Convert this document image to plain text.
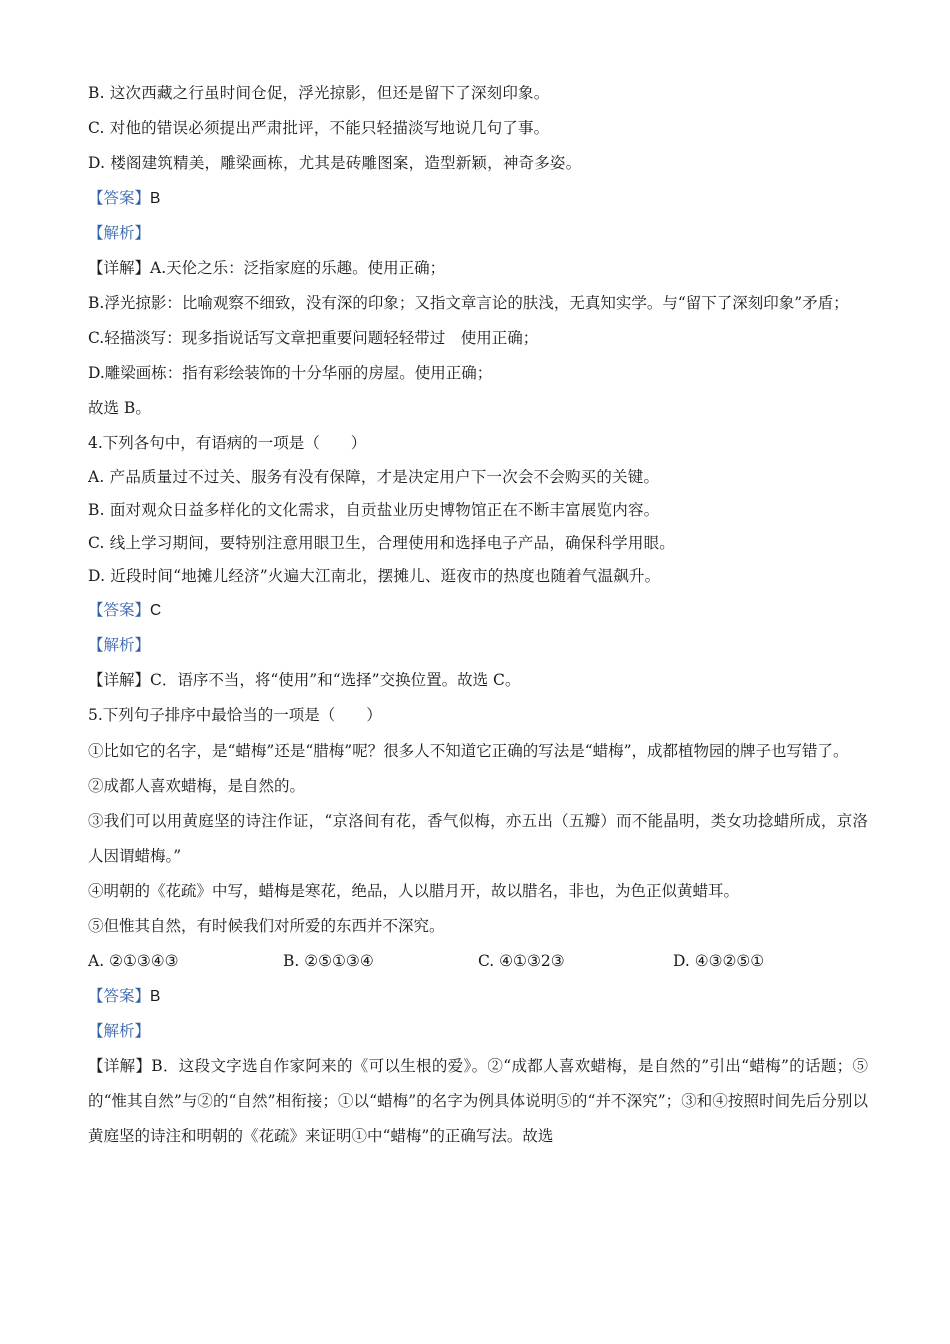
B. 这次西藏之行虽时间仓促，浮光掠影，但还是留下了深刻印象。
C. 对他的错误必须提出严肃批评，不能只轻描淡写地说几句了事。
D. 楼阁建筑精美，雕梁画栋，尤其是砖雕图案，造型新颖，神奇多姿。
【答案】B
【解析】
【详解】A.天伦之乐：泛指家庭的乐趣。使用正确；
B.浮光掠影：比喻观察不细致，没有深的印象；又指文章言论的肤浅，无真知实学。与“留下了深刻印象”矛盾；
C.轻描淡写：现多指说话写文章把重要问题轻轻带过　使用正确；
D.雕梁画栋：指有彩绘装饰的十分华丽的房屋。使用正确；
故选 B。
4.下列各句中，有语病的一项是（　　）
A. 产品质量过不过关、服务有没有保障，才是决定用户下一次会不会购买的关键。
B. 面对观众日益多样化的文化需求，自贡盐业历史博物馆正在不断丰富展览内容。
C. 线上学习期间，要特别注意用眼卫生，合理使用和选择电子产品，确保科学用眼。
D. 近段时间“地摊儿经济”火遍大江南北，摆摊儿、逛夜市的热度也随着气温飙升。
【答案】C
【解析】
【详解】C．语序不当，将“使用”和“选择”交换位置。故选 C。
5.下列句子排序中最恰当的一项是（　　）
①比如它的名字，是“蜡梅”还是“腊梅”呢？很多人不知道它正确的写法是“蜡梅”，成都植物园的牌子也写错了。
②成都人喜欢蜡梅，是自然的。
③我们可以用黄庭坚的诗注作证，“京洛间有花，香气似梅，亦五出（五瓣）而不能晶明，类女功捻蜡所成，京洛人因谓蜡梅。”
④明朝的《花疏》中写，蜡梅是寒花，绝品，人以腊月开，故以腊名，非也，为色正似黄蜡耳。
⑤但惟其自然，有时候我们对所爱的东西并不深究。
A. ②①③④③	B. ②⑤①③④	C. ④①③2③	D. ④③②⑤①
【答案】B
【解析】
【详解】B．这段文字选自作家阿来的《可以生根的爱》。②“成都人喜欢蜡梅，是自然的”引出“蜡梅”的话题；⑤的“惟其自然”与②的“自然”相衔接；①以“蜡梅”的名字为例具体说明⑤的“并不深究”；③和④按照时间先后分别以黄庭坚的诗注和明朝的《花疏》来证明①中“蜡梅”的正确写法。故选
